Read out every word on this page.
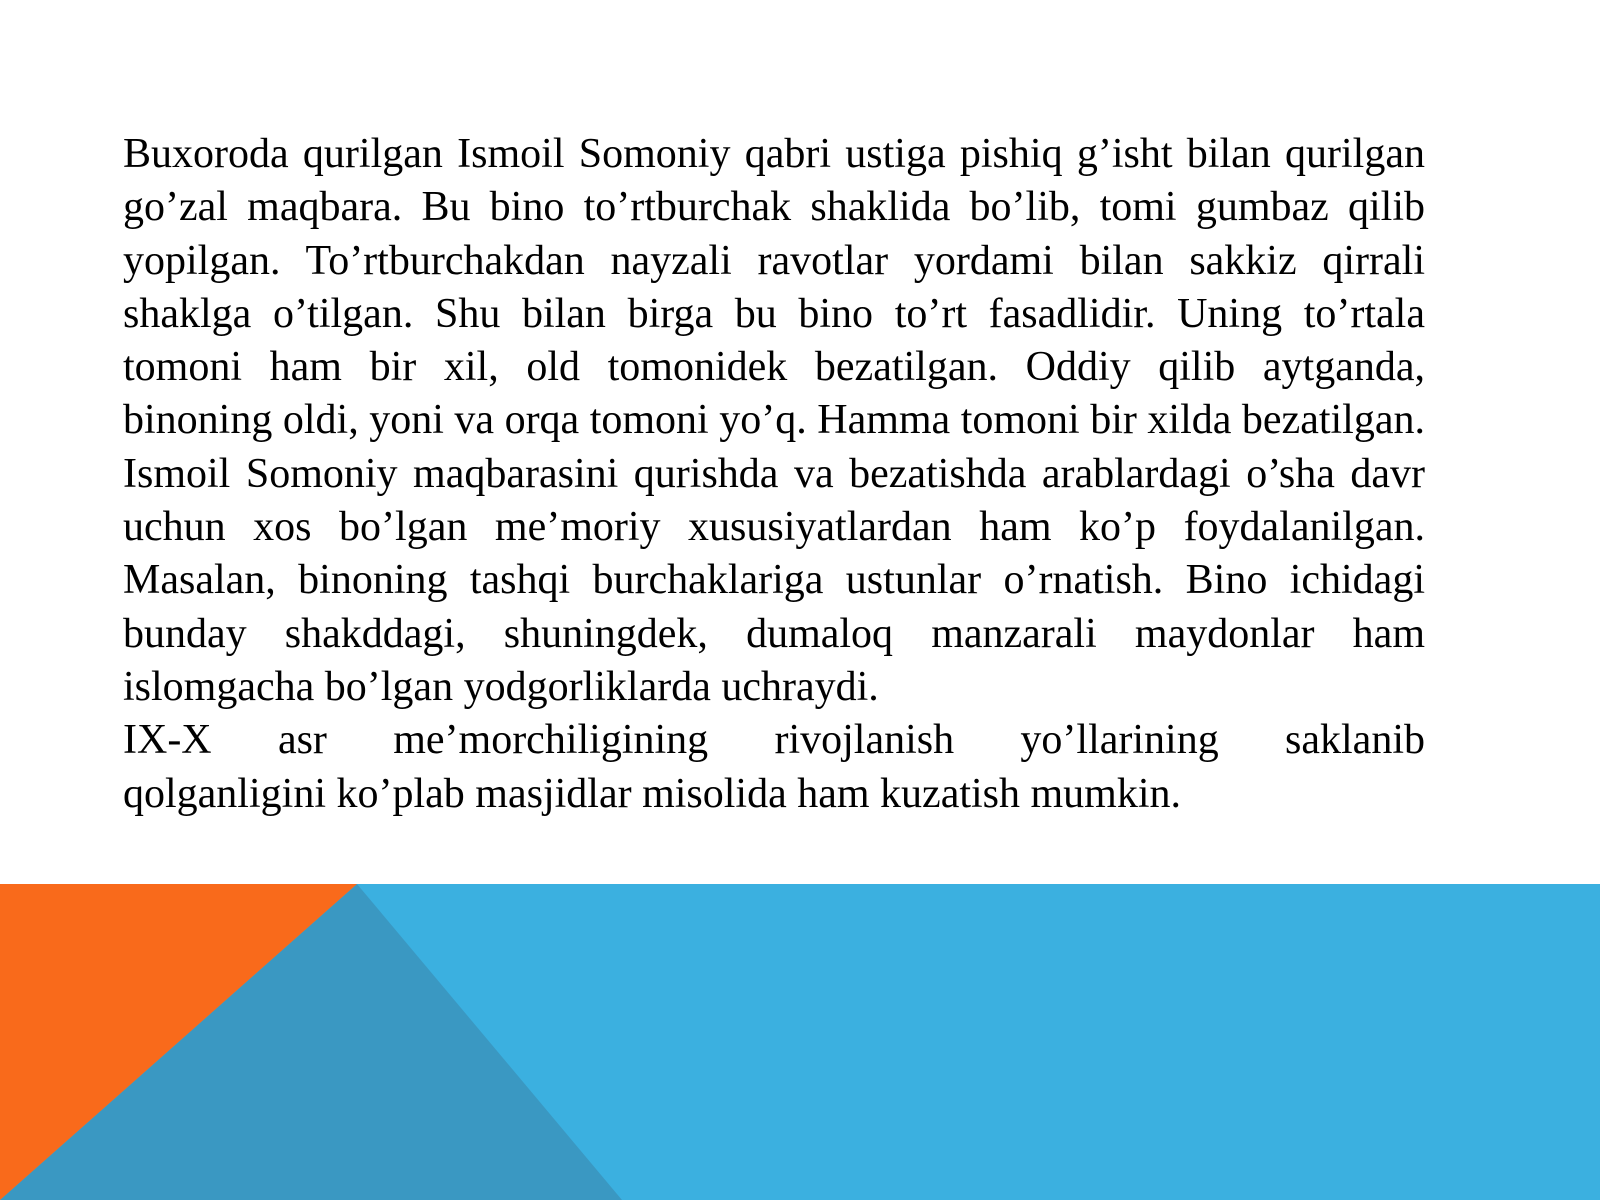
Buxoroda qurilgan Ismoil Somoniy qabri ustiga pishiq g’isht bilan qurilgan go’zal maqbara. Bu bino to’rtburchak shaklida bo’lib, tomi gumbaz qilib yopilgan. To’rtburchakdan nayzali ravotlar yordami bilan sakkiz qirrali shaklga o’tilgan. Shu bilan birga bu bino to’rt fasadlidir. Uning to’rtala tomoni ham bir xil, old tomonidek bezatilgan. Oddiy qilib aytganda, binoning oldi, yoni va orqa tomoni yo’q. Hamma tomoni bir xilda bezatilgan. Ismoil Somoniy maqbarasini qurishda va bezatishda arablardagi o’sha davr uchun xos bo’lgan me’moriy xususiyatlardan ham ko’p foydalanilgan. Masalan, binoning tashqi burchaklariga ustunlar o’rnatish. Bino ichidagi bunday shakddagi, shuningdek, dumaloq manzarali maydonlar ham islomgacha bo’lgan yodgorliklarda uchraydi.

IX-X asr me’morchiligining rivojlanish yo’llarining saklanib

qolganligini ko’plab masjidlar misolida ham kuzatish mumkin.
